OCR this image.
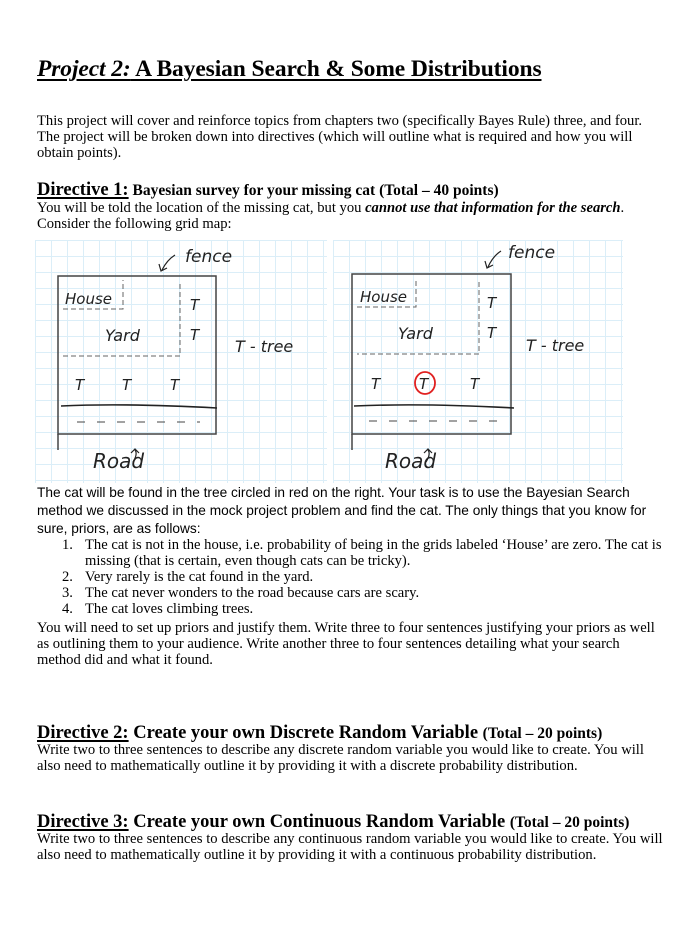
Project 2: A Bayesian Search & Some Distributions
This project will cover and reinforce topics from chapters two (specifically Bayes Rule) three, and four. The project will be broken down into directives (which will outline what is required and how you will obtain points).
Directive 1: Bayesian survey for your missing cat (Total – 40 points)
You will be told the location of the missing cat, but you cannot use that information for the search. Consider the following grid map:
fence
House
Yard
T
T
T	T	T
T - tree
Road
fence
House
Yard
T
T
T	T	T
T - tree
Road
The cat will be found in the tree circled in red on the right. Your task is to use the Bayesian Search method we discussed in the mock project problem and find the cat. The only things that you know for sure, priors, are as follows:
1. The cat is not in the house, i.e. probability of being in the grids labeled ‘House’ are zero. The cat is missing (that is certain, even though cats can be tricky).
2. Very rarely is the cat found in the yard.
3. The cat never wonders to the road because cars are scary.
4. The cat loves climbing trees.
You will need to set up priors and justify them. Write three to four sentences justifying your priors as well as outlining them to your audience. Write another three to four sentences detailing what your search method did and what it found.
Directive 2: Create your own Discrete Random Variable (Total – 20 points)
Write two to three sentences to describe any discrete random variable you would like to create. You will also need to mathematically outline it by providing it with a discrete probability distribution.
Directive 3: Create your own Continuous Random Variable (Total – 20 points)
Write two to three sentences to describe any continuous random variable you would like to create. You will also need to mathematically outline it by providing it with a continuous probability distribution.
